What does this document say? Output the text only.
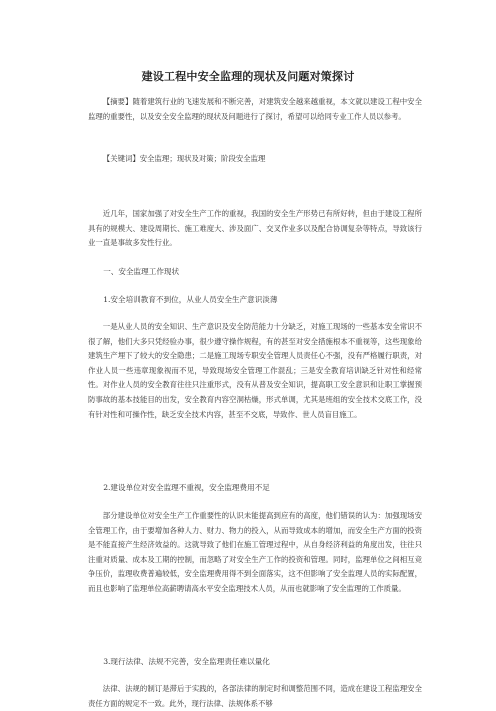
建设工程中安全监理的现状及问题对策探讨

【摘要】随着建筑行业的飞速发展和不断完善，对建筑安全越来越重视，本文就以建设工程中安全监理的重要性，以及安全安全监理的现状及问题进行了探讨，希望可以给同专业工作人员以参考。

【关键词】安全监理；现状及对策；阶段安全监理

近几年，国家加强了对安全生产工作的重视，我国的安全生产形势已有所好转，但由于建设工程所具有的规模大、建设周期长、施工难度大、涉及面广、交叉作业多以及配合协调复杂等特点，导致该行业一直是事故多发性行业。

一、安全监理工作现状

1.安全培训教育不到位，从业人员安全生产意识淡薄

一是从业人员的安全知识、生产意识及安全防范能力十分缺乏，对施工现场的一些基本安全常识不很了解，他们大多只凭经验办事，很少遵守操作规程，有的甚至对安全措施根本不重视等，这些现象给建筑生产埋下了较大的安全隐患；二是施工现场专职安全管理人员责任心不强，没有严格履行职责，对作业人员一些违章现象视而不见，导致现场安全管理工作混乱；三是安全教育培训缺乏针对性和经常性。对作业人员的安全教育往往只注重形式，没有从普及安全知识，提高职工安全意识和让职工掌握预防事故的基本技能目的出发，安全教育内容空洞枯燥，形式单调，尤其是班组的安全技术交底工作，没有针对性和可操作性，缺乏安全技术内容，甚至不交底，导致作、世人员盲目施工。

2.建设单位对安全监理不重视，安全监理费用不足

部分建设单位对安全生产工作重要性的认识未能提高到应有的高度，他们错误的认为：加强现场安全管理工作，由于要增加各种人力、财力、物力的投入，从而导致成本的增加，而安全生产方面的投资是不能直接产生经济效益的。这就导致了他们在施工管理过程中，从自身经济利益的角度出发，往往只注重对质量、成本及工期的控制，而忽略了对安全生产工作的投资和管理。同时，监理单位之间相互竞争压价，监理收费普遍较低，安全监理费用得不到全面落实，这不但影响了安全监理人员的实际配置，而且也影响了监理单位高薪聘请高水平安全监理技术人员，从而也就影响了安全监理的工作质量。

3.现行法律、法规不完善，安全监理责任难以量化

法律、法规的制订是滞后于实践的，各部法律的制定时和调整范围不同，造成在建设工程监理安全责任方面的规定不一致。此外，现行法律、法规体系不够
